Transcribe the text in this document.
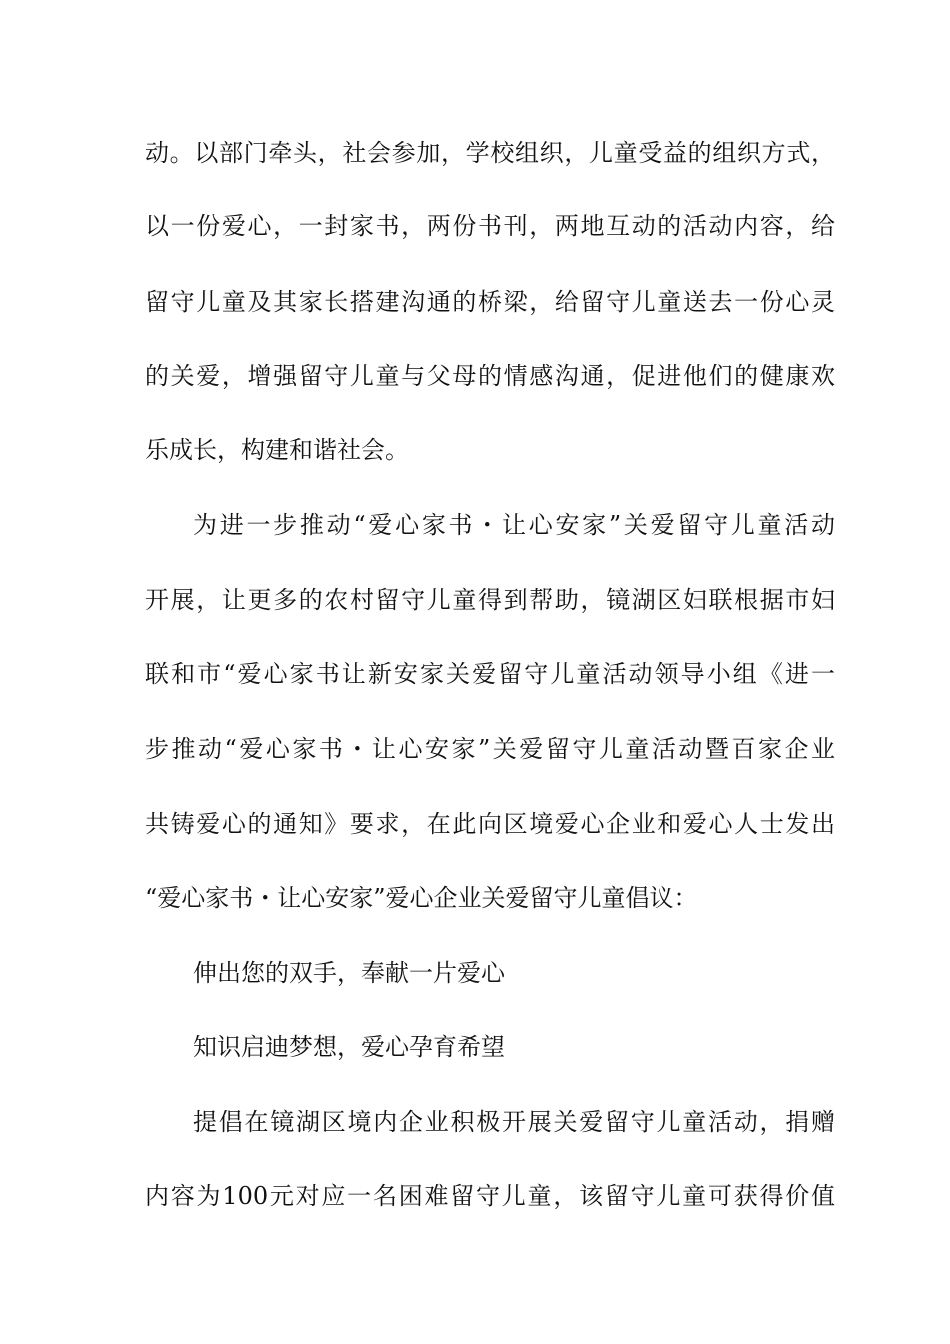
动。以部门牵头，社会参加，学校组织，儿童受益的组织方式，
以一份爱心，一封家书，两份书刊，两地互动的活动内容，给
留守儿童及其家长搭建沟通的桥梁，给留守儿童送去一份心灵
的关爱，增强留守儿童与父母的情感沟通，促进他们的健康欢
乐成长，构建和谐社会。
为进一步推动“爱心家书・让心安家”关爱留守儿童活动
开展，让更多的农村留守儿童得到帮助，镜湖区妇联根据市妇
联和市“爱心家书让新安家关爱留守儿童活动领导小组《进一
步推动“爱心家书・让心安家”关爱留守儿童活动暨百家企业
共铸爱心的通知》要求，在此向区境爱心企业和爱心人士发出
“爱心家书・让心安家”爱心企业关爱留守儿童倡议：
伸出您的双手，奉献一片爱心
知识启迪梦想，爱心孕育希望
提倡在镜湖区境内企业积极开展关爱留守儿童活动，捐赠
内容为100元对应一名困难留守儿童，该留守儿童可获得价值
